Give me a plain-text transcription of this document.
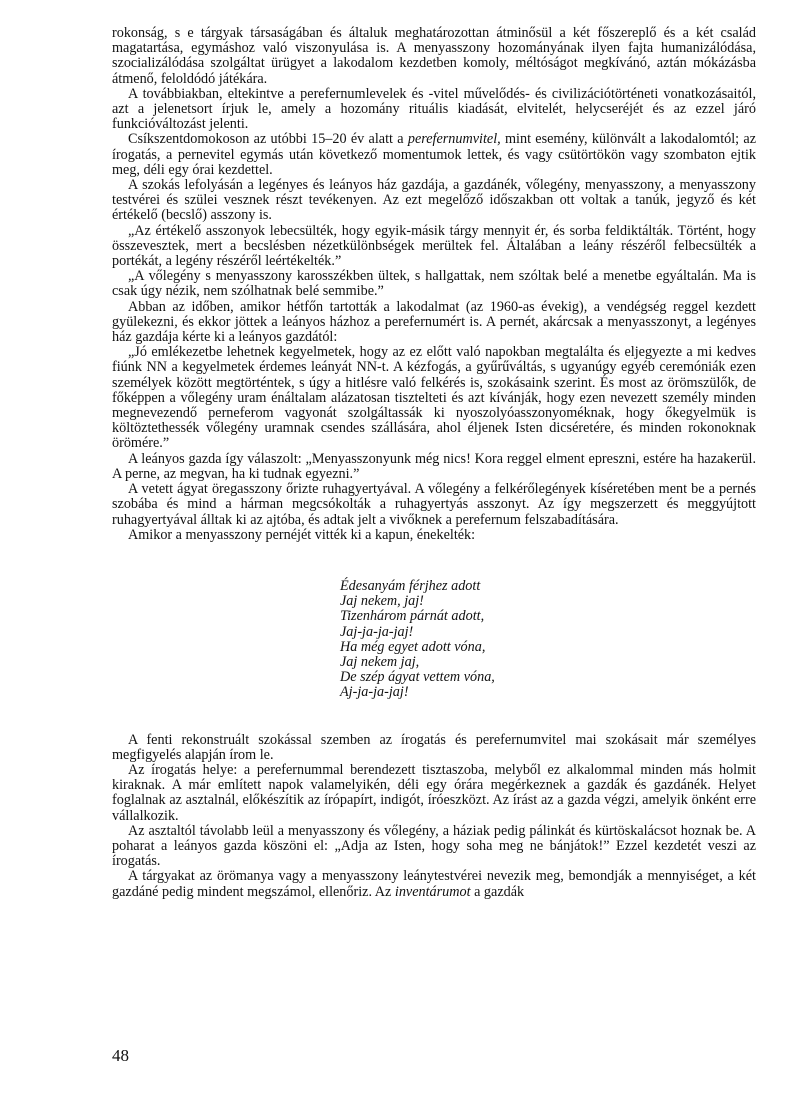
rokonság, s e tárgyak társaságában és általuk meghatározottan átminősül a két főszereplő és a két család magatartása, egymáshoz való viszonyulása is. A menyasszony hozományának ilyen fajta humanizálódása, szocializálódása szolgáltat ürügyet a lakodalom kezdetben komoly, méltóságot megkívánó, aztán mókázásba átmenő, feloldódó játékára.

A továbbiakban, eltekintve a perefernumlevelek és -vitel művelődés- és civilizációtörténeti vonatkozásaitól, azt a jelenetsort írjuk le, amely a hozomány rituális kiadását, elvitelét, helycseréjét és az ezzel járó funkcióváltozást jelenti.

Csíkszentdomokoson az utóbbi 15–20 év alatt a perefernumvitel, mint esemény, különvált a lakodalomtól; az írogatás, a pernevitel egymás után következő momentumok lettek, és vagy csütörtökön vagy szombaton ejtik meg, déli egy órai kezdettel.

A szokás lefolyásán a legényes és leányos ház gazdája, a gazdánék, vőlegény, menyasszony, a menyasszony testvérei és szülei vesznek részt tevékenyen. Az ezt megelőző időszakban ott voltak a tanúk, jegyző és két értékelő (becslő) asszony is.

„Az értékelő asszonyok lebecsülték, hogy egyik-másik tárgy mennyit ér, és sorba feldiktálták. Történt, hogy összevesztek, mert a becslésben nézetkülönbségek merültek fel. Általában a leány részéről felbecsülték a portékát, a legény részéről leértékelték.”

„A vőlegény s menyasszony karosszékben ültek, s hallgattak, nem szóltak belé a menetbe egyáltalán. Ma is csak úgy nézik, nem szólhatnak belé semmibe.”

Abban az időben, amikor hétfőn tartották a lakodalmat (az 1960-as évekig), a vendégség reggel kezdett gyülekezni, és ekkor jöttek a leányos házhoz a perefernumért is. A pernét, akárcsak a menyasszonyt, a legényes ház gazdája kérte ki a leányos gazdától:

„Jó emlékezetbe lehetnek kegyelmetek, hogy az ez előtt való napokban megtalálta és eljegyezte a mi kedves fiúnk NN a kegyelmetek érdemes leányát NN-t. A kézfogás, a gyűrűváltás, s ugyanúgy egyéb ceremóniák ezen személyek között megtörténtek, s úgy a hitlésre való felkérés is, szokásaink szerint. És most az örömszülők, de főképpen a vőlegény uram énáltalam alázatosan tisztelteti és azt kívánják, hogy ezen nevezett személy minden megnevezendő perneferom vagyonát szolgáltassák ki nyoszolyóasszonyoméknak, hogy őkegyelmük is költöztethessék vőlegény uramnak csendes szállására, ahol éljenek Isten dicséretére, és minden rokonoknak örömére.”

A leányos gazda így válaszolt: „Menyasszonyunk még nics! Kora reggel elment epreszni, estére ha hazakerül. A perne, az megvan, ha ki tudnak egyezni.”

A vetett ágyat öregasszony őrizte ruhagyertyával. A vőlegény a felkérőlegények kíséretében ment be a pernés szobába és mind a hárman megcsókolták a ruhagyertyás asszonyt. Az így megszerzett és meggyújtott ruhagyertyával álltak ki az ajtóba, és adtak jelt a vivőknek a perefernum felszabadítására.

Amikor a menyasszony pernéjét vitték ki a kapun, énekelték:

Édesanyám férjhez adott
Jaj nekem, jaj!
Tizenhárom párnát adott,
Jaj-ja-ja-jaj!
Ha még egyet adott vóna,
Jaj nekem jaj,
De szép ágyat vettem vóna,
Aj-ja-ja-jaj!

A fenti rekonstruált szokással szemben az írogatás és perefernumvitel mai szokásait már személyes megfigyelés alapján írom le.

Az írogatás helye: a perefernummal berendezett tisztaszoba, melyből ez alkalommal minden más holmit kiraknak. A már említett napok valamelyikén, déli egy órára megérkeznek a gazdák és gazdánék. Helyet foglalnak az asztalnál, előkészítik az írópapírt, indigót, íróeszközt. Az írást az a gazda végzi, amelyik önként erre vállalkozik.

Az asztaltól távolabb leül a menyasszony és vőlegény, a háziak pedig pálinkát és kürtöskalácsot hoznak be. A poharat a leányos gazda köszöni el: „Adja az Isten, hogy soha meg ne bánjátok!” Ezzel kezdetét veszi az írogatás.

A tárgyakat az örömanya vagy a menyasszony leánytestvérei nevezik meg, bemondják a mennyiséget, a két gazdáné pedig mindent megszámol, ellenőriz. Az inventárumot a gazdák

48
